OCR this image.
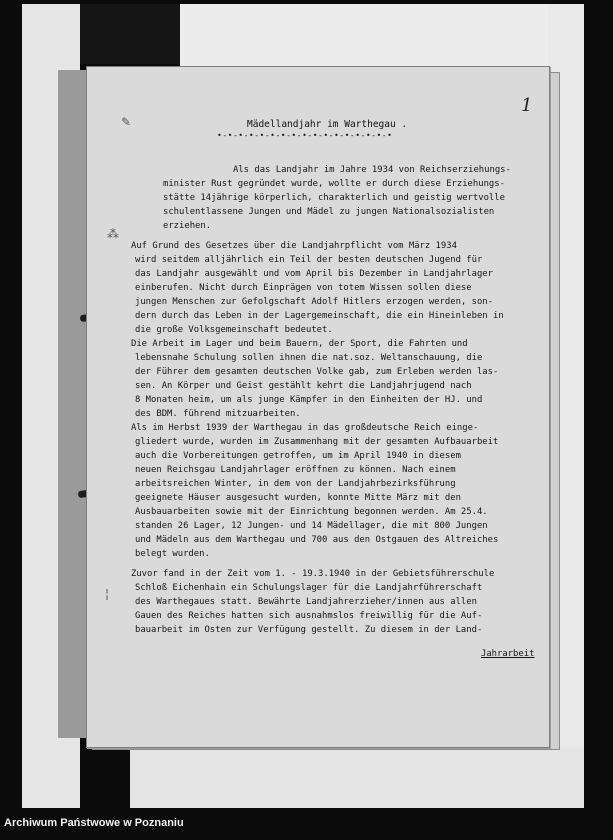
1
✎
⁂
¦
Mädellandjahr im Warthegau .
•-•-•-•-•-•-•-•-•-•-•-•-•-•-•-•-•
Als das Landjahr im Jahre 1934 von Reichserziehungs-
minister Rust gegründet wurde, wollte er durch diese Erziehungs-
stätte 14jährige körperlich, charakterlich und geistig wertvolle
schulentlassene Jungen und Mädel zu jungen Nationalsozialisten
erziehen.
Auf Grund des Gesetzes über die Landjahrpflicht vom März 1934
wird seitdem alljährlich ein Teil der besten deutschen Jugend für
das Landjahr ausgewählt und vom April bis Dezember in Landjahrlager
einberufen. Nicht durch Einprägen von totem Wissen sollen diese
jungen Menschen zur Gefolgschaft Adolf Hitlers erzogen werden, son-
dern durch das Leben in der Lagergemeinschaft, die ein Hineinleben in
die große Volksgemeinschaft bedeutet.
Die Arbeit im Lager und beim Bauern, der Sport, die Fahrten und
lebensnahe Schulung sollen ihnen die nat.soz. Weltanschauung, die
der Führer dem gesamten deutschen Volke gab, zum Erleben werden las-
sen. An Körper und Geist gestählt kehrt die Landjahrjugend nach
8 Monaten heim, um als junge Kämpfer in den Einheiten der HJ. und
des BDM. führend mitzuarbeiten.
Als im Herbst 1939 der Warthegau in das großdeutsche Reich einge-
gliedert wurde, wurden im Zusammenhang mit der gesamten Aufbauarbeit
auch die Vorbereitungen getroffen, um im April 1940 in diesem
neuen Reichsgau Landjahrlager eröffnen zu können. Nach einem
arbeitsreichen Winter, in dem von der Landjahrbezirksführung
geeignete Häuser ausgesucht wurden, konnte Mitte März mit den
Ausbauarbeiten sowie mit der Einrichtung begonnen werden. Am 25.4.
standen 26 Lager, 12 Jungen- und 14 Mädellager, die mit 800 Jungen
und Mädeln aus dem Warthegau und 700 aus den Ostgauen des Altreiches
belegt wurden.
Zuvor fand in der Zeit vom 1. - 19.3.1940 in der Gebietsführerschule
Schloß Eichenhain ein Schulungslager für die Landjahrführerschaft
des Warthegaues statt. Bewährte Landjahrerzieher/innen aus allen
Gauen des Reiches hatten sich ausnahmslos freiwillig für die Auf-
bauarbeit im Osten zur Verfügung gestellt. Zu diesem in der Land-
Jahrarbeit
Archiwum Państwowe w Poznaniu
